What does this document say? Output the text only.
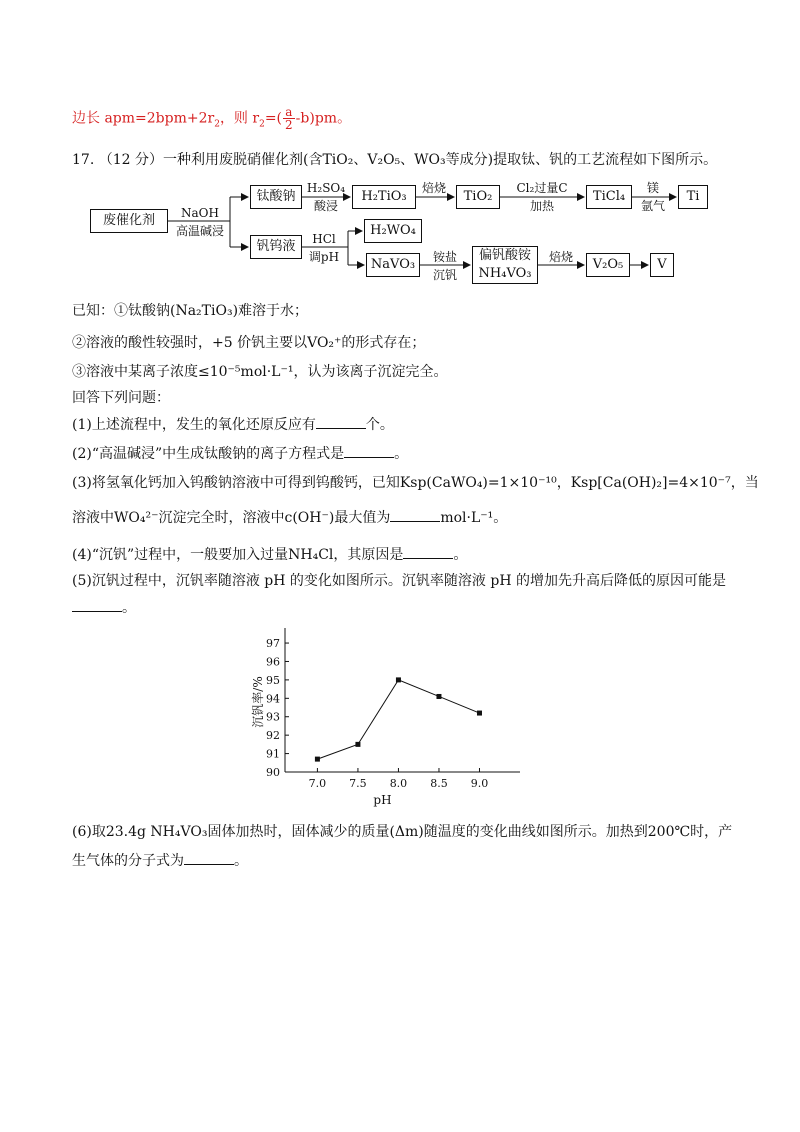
边长 $apm=2bpm+2r_2$，则 $r_2=( \frac{a}{2} -b)pm$。
17. （12 分）一种利用废脱硝催化剂(含TiO₂、V₂O₅、WO₃等成分)提取钛、钒的工艺流程如下图所示。
废催化剂
钛酸钠	H₂TiO₃	TiO₂	TiCl₄	Ti
钒钨液
H₂WO₄
NaVO₃
偏钒酸铵
NH₄VO₃
V₂O₅	V
NaOH
高温碱浸
H₂SO₄
酸浸
焙烧	Cl₂过量C
加热
镁
氩气
HCl
调pH	铵盐
沉钒
焙烧
已知：①钛酸钠(Na₂TiO₃)难溶于水；
②溶液的酸性较强时，+5 价钒主要以VO₂⁺的形式存在；
③溶液中某离子浓度≤10⁻⁵mol·L⁻¹，认为该离子沉淀完全。
回答下列问题：
(1)上述流程中，发生的氧化还原反应有	个。
(2)“高温碱浸”中生成钛酸钠的离子方程式是	。
(3)将氢氧化钙加入钨酸钠溶液中可得到钨酸钙，已知Ksp(CaWO₄)=1×10⁻¹⁰，Ksp[Ca(OH)₂]=4×10⁻⁷，当
溶液中WO₄²⁻沉淀完全时，溶液中c(OH⁻)最大值为	mol·L⁻¹。
(4)“沉钒”过程中，一般要加入过量NH₄Cl，其原因是	。
(5)沉钒过程中，沉钒率随溶液 pH 的变化如图所示。沉钒率随溶液 pH 的增加先升高后降低的原因可能是
。
90
91
92
93
94
95
96
97
7.0 7.5 8.0 8.5 9.0
pH
沉钒率/%
(6)取23.4g NH₄VO₃固体加热时，固体减少的质量(Δm)随温度的变化曲线如图所示。加热到200℃时，产
生气体的分子式为	。
